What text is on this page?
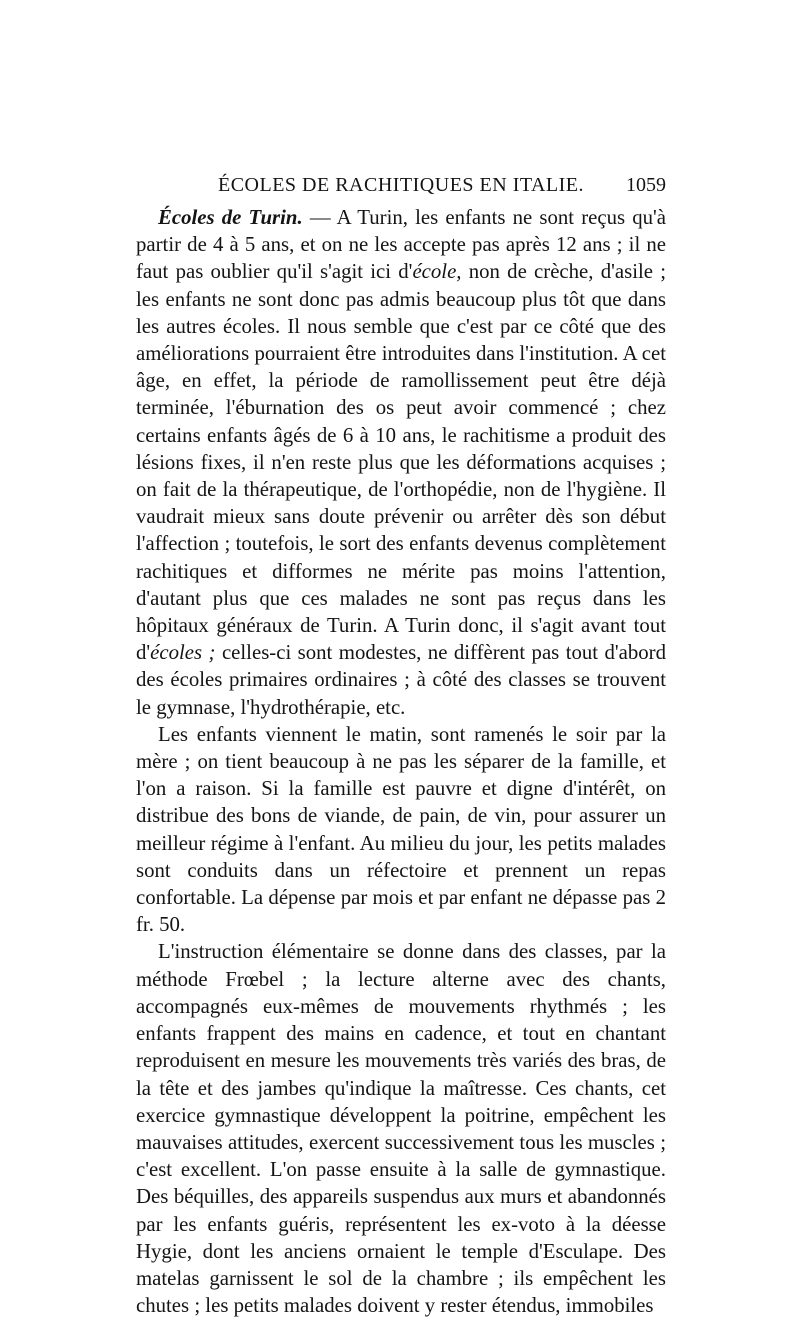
ÉCOLES DE RACHITIQUES EN ITALIE.	1059

Écoles de Turin. — A Turin, les enfants ne sont reçus qu'à partir de 4 à 5 ans, et on ne les accepte pas après 12 ans ; il ne faut pas oublier qu'il s'agit ici d'école, non de crèche, d'asile ; les enfants ne sont donc pas admis beaucoup plus tôt que dans les autres écoles. Il nous semble que c'est par ce côté que des améliorations pourraient être introduites dans l'institution. A cet âge, en effet, la période de ramollissement peut être déjà terminée, l'éburnation des os peut avoir commencé ; chez certains enfants âgés de 6 à 10 ans, le rachitisme a produit des lésions fixes, il n'en reste plus que les déformations acquises ; on fait de la thérapeutique, de l'orthopédie, non de l'hygiène. Il vaudrait mieux sans doute prévenir ou arrêter dès son début l'affection ; toutefois, le sort des enfants devenus complètement rachitiques et difformes ne mérite pas moins l'attention, d'autant plus que ces malades ne sont pas reçus dans les hôpitaux généraux de Turin. A Turin donc, il s'agit avant tout d'écoles ; celles-ci sont modestes, ne diffèrent pas tout d'abord des écoles primaires ordinaires ; à côté des classes se trouvent le gymnase, l'hydrothérapie, etc.

Les enfants viennent le matin, sont ramenés le soir par la mère ; on tient beaucoup à ne pas les séparer de la famille, et l'on a raison. Si la famille est pauvre et digne d'intérêt, on distribue des bons de viande, de pain, de vin, pour assurer un meilleur régime à l'enfant. Au milieu du jour, les petits malades sont conduits dans un réfectoire et prennent un repas confortable. La dépense par mois et par enfant ne dépasse pas 2 fr. 50.

L'instruction élémentaire se donne dans des classes, par la méthode Frœbel ; la lecture alterne avec des chants, accompagnés eux-mêmes de mouvements rhythmés ; les enfants frappent des mains en cadence, et tout en chantant reproduisent en mesure les mouvements très variés des bras, de la tête et des jambes qu'indique la maîtresse. Ces chants, cet exercice gymnastique développent la poitrine, empêchent les mauvaises attitudes, exercent successivement tous les muscles ; c'est excellent. L'on passe ensuite à la salle de gymnastique. Des béquilles, des appareils suspendus aux murs et abandonnés par les enfants guéris, représentent les ex-voto à la déesse Hygie, dont les anciens ornaient le temple d'Esculape. Des matelas garnissent le sol de la chambre ; ils empêchent les chutes ; les petits malades doivent y rester étendus, immobiles
